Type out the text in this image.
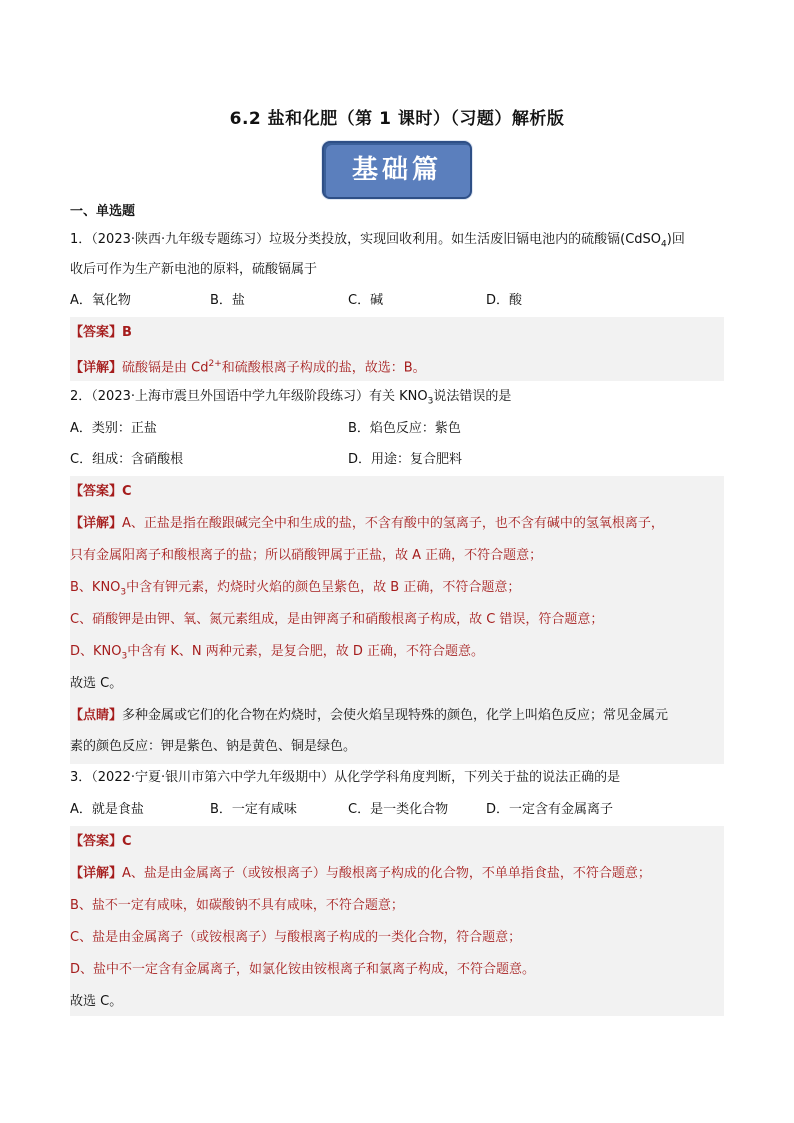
6.2 盐和化肥（第 1 课时）（习题）解析版
基础篇
一、单选题
1．（2023·陕西·九年级专题练习）垃圾分类投放，实现回收利用。如生活废旧镉电池内的硫酸镉(CdSO$_4$)回
收后可作为生产新电池的原料，硫酸镉属于
A．氧化物	B．盐	C．碱	D．酸
【答案】B
【详解】硫酸镉是由 $Cd^{2+}$和硫酸根离子构成的盐，故选：B。
2．（2023·上海市震旦外国语中学九年级阶段练习）有关 $KNO_3$说法错误的是
A．类别：正盐	B．焰色反应：紫色
C．组成：含硝酸根	D．用途：复合肥料
【答案】C
【详解】A、正盐是指在酸跟碱完全中和生成的盐，不含有酸中的氢离子，也不含有碱中的氢氧根离子，
只有金属阳离子和酸根离子的盐；所以硝酸钾属于正盐，故 A 正确，不符合题意；
B、$KNO_3$中含有钾元素，灼烧时火焰的颜色呈紫色，故 B 正确，不符合题意；
C、硝酸钾是由钾、氧、氮元素组成，是由钾离子和硝酸根离子构成，故 C 错误，符合题意；
D、$KNO_3$中含有 K、N 两种元素，是复合肥，故 D 正确，不符合题意。
故选 C。
【点睛】多种金属或它们的化合物在灼烧时，会使火焰呈现特殊的颜色，化学上叫焰色反应；常见金属元
素的颜色反应：钾是紫色、钠是黄色、铜是绿色。
3．（2022·宁夏·银川市第六中学九年级期中）从化学学科角度判断，下列关于盐的说法正确的是
A．就是食盐	B．一定有咸味	C．是一类化合物	D．一定含有金属离子
【答案】C
【详解】A、盐是由金属离子（或铵根离子）与酸根离子构成的化合物，不单单指食盐，不符合题意；
B、盐不一定有咸味，如碳酸钠不具有咸味，不符合题意；
C、盐是由金属离子（或铵根离子）与酸根离子构成的一类化合物，符合题意；
D、盐中不一定含有金属离子，如氯化铵由铵根离子和氯离子构成，不符合题意。
故选 C。
